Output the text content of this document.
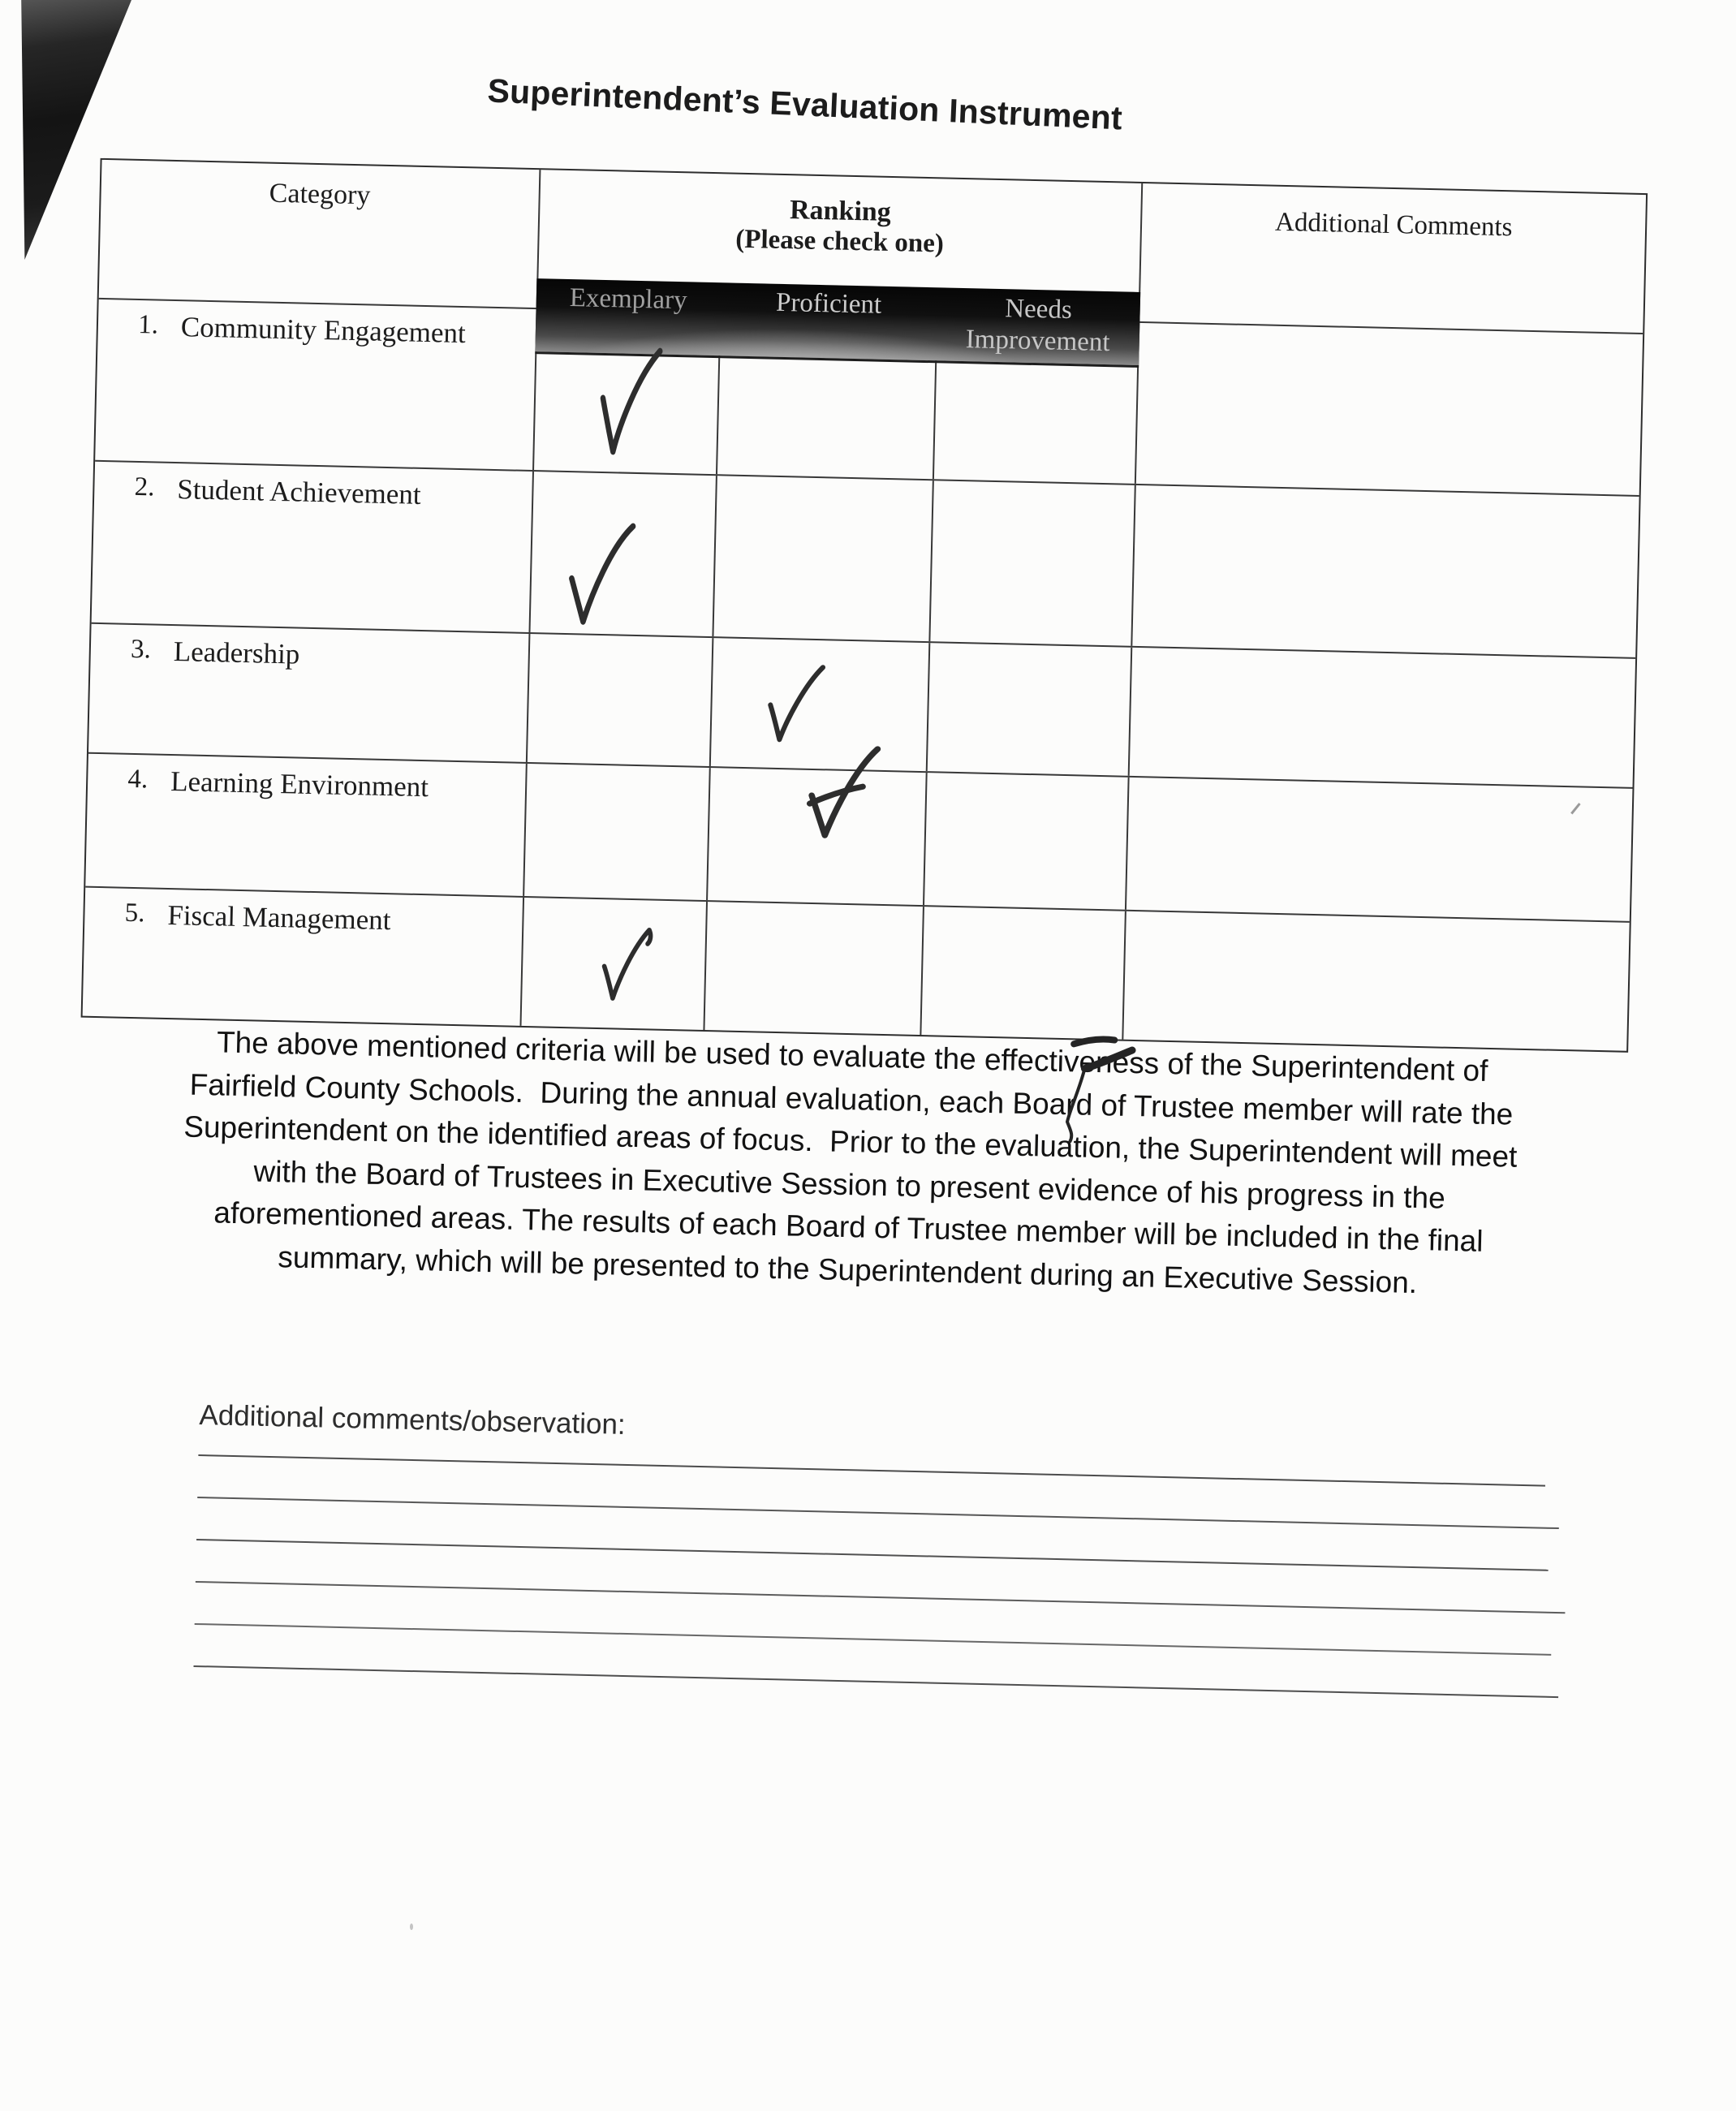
Superintendent’s Evaluation Instrument
Category
Ranking
(Please check one)
Exemplary	Proficient	Needs Improvement
Additional Comments
1. Community Engagement
2. Student Achievement
3. Leadership
4. Learning Environment
5. Fiscal Management
The above mentioned criteria will be used to evaluate the effectiveness of the Superintendent of Fairfield County Schools.  During the annual evaluation, each Board of Trustee member will rate the Superintendent on the identified areas of focus.  Prior to the evaluation, the Superintendent will meet with the Board of Trustees in Executive Session to present evidence of his progress in the aforementioned areas. The results of each Board of Trustee member will be included in the final summary, which will be presented to the Superintendent during an Executive Session.
Additional comments/observation:
